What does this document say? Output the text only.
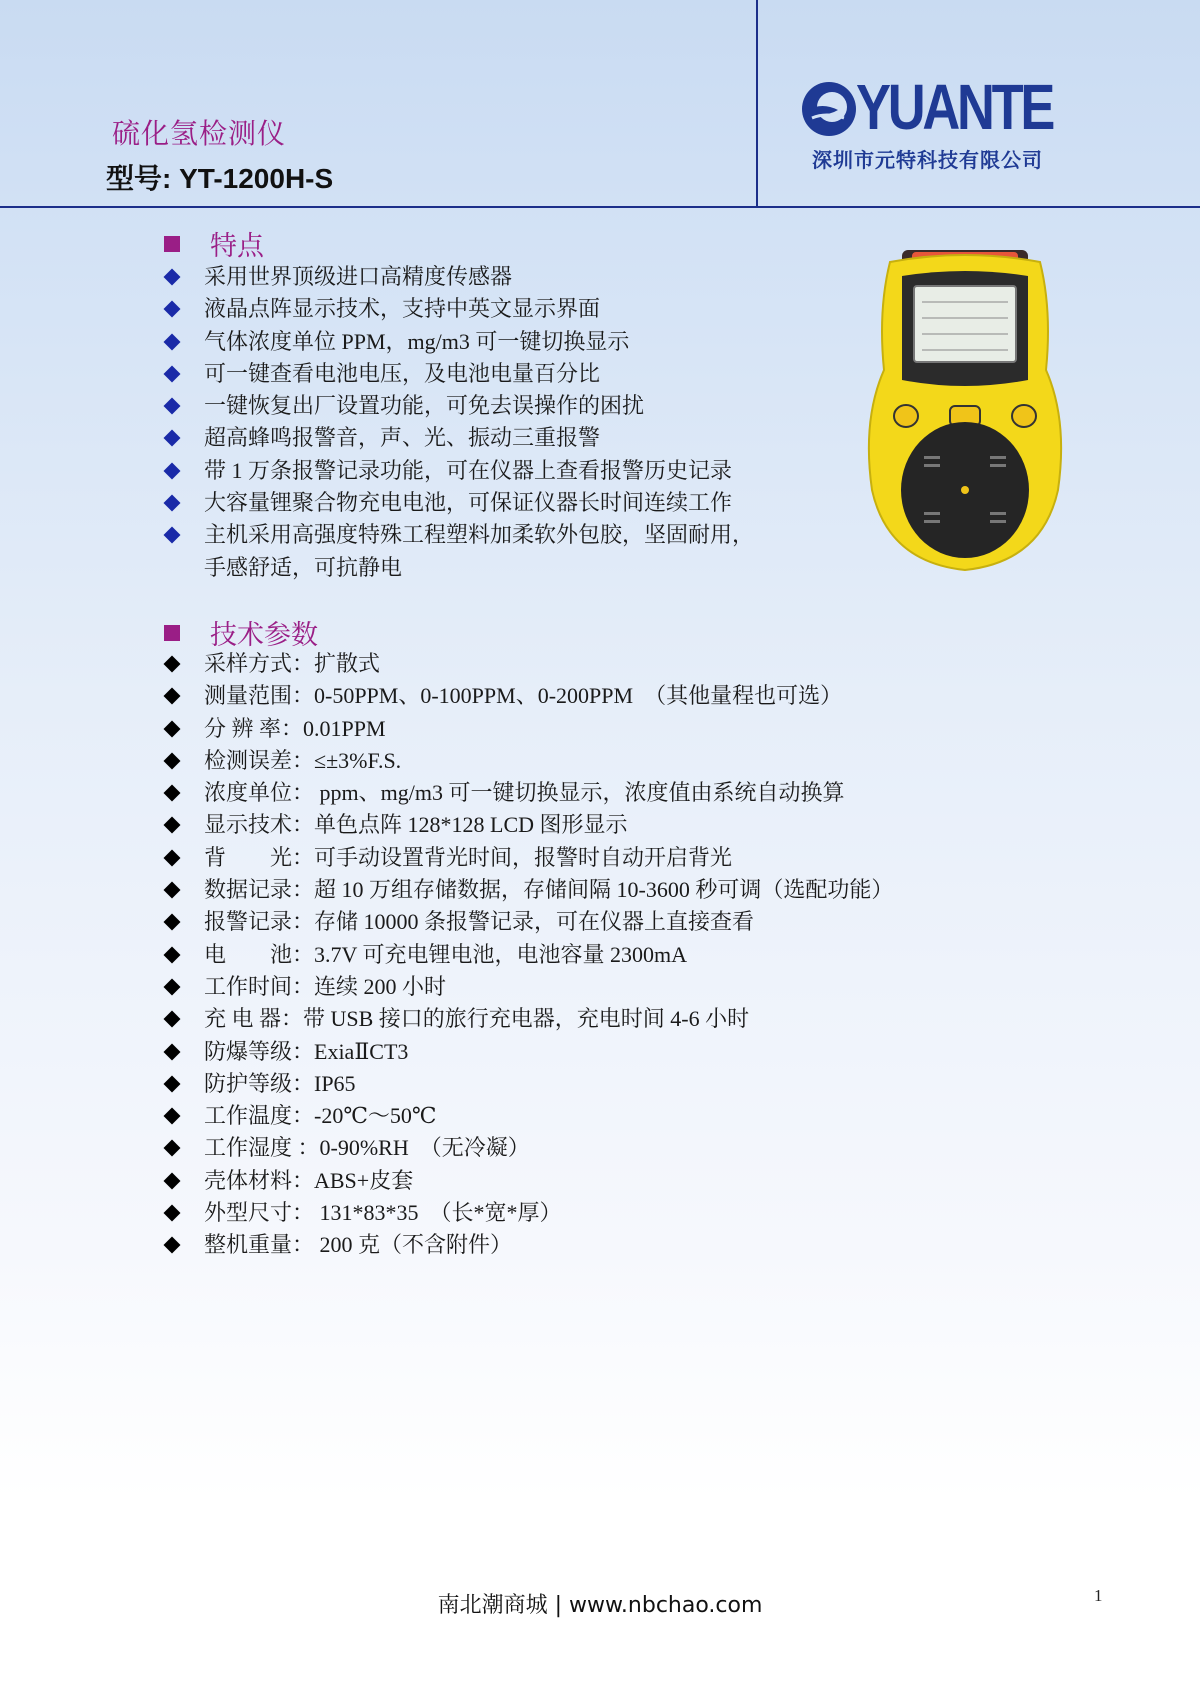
硫化氢检测仪
型号: YT-1200H-S
YUANTE
深圳市元特科技有限公司
特点
采用世界顶级进口高精度传感器
液晶点阵显示技术，支持中英文显示界面
气体浓度单位 PPM，mg/m3 可一键切换显示
可一键查看电池电压，及电池电量百分比
一键恢复出厂设置功能，可免去误操作的困扰
超高蜂鸣报警音，声、光、振动三重报警
带 1 万条报警记录功能，可在仪器上查看报警历史记录
大容量锂聚合物充电电池，可保证仪器长时间连续工作
主机采用高强度特殊工程塑料加柔软外包胶，坚固耐用，
手感舒适，可抗静电
技术参数
采样方式：扩散式
测量范围：0-50PPM、0-100PPM、0-200PPM　（其他量程也可选）
分 辨 率：0.01PPM
检测误差：≤±3%F.S.
浓度单位： ppm、mg/m3 可一键切换显示，浓度值由系统自动换算
显示技术：单色点阵 128*128 LCD 图形显示
背　　光：可手动设置背光时间，报警时自动开启背光
数据记录：超 10 万组存储数据，存储间隔 10-3600 秒可调（选配功能）
报警记录：存储 10000 条报警记录，可在仪器上直接查看
电　　池：3.7V 可充电锂电池，电池容量 2300mA
工作时间：连续 200 小时
充 电 器：带 USB 接口的旅行充电器，充电时间 4-6 小时
防爆等级：ExiaⅡCT3
防护等级：IP65
工作温度：-20℃～50℃
工作湿度 ：0-90%RH　（无冷凝）
壳体材料：ABS+皮套
外型尺寸： 131*83*35　（长*宽*厚）
整机重量： 200 克（不含附件）
南北潮商城 | www.nbchao.com	1
